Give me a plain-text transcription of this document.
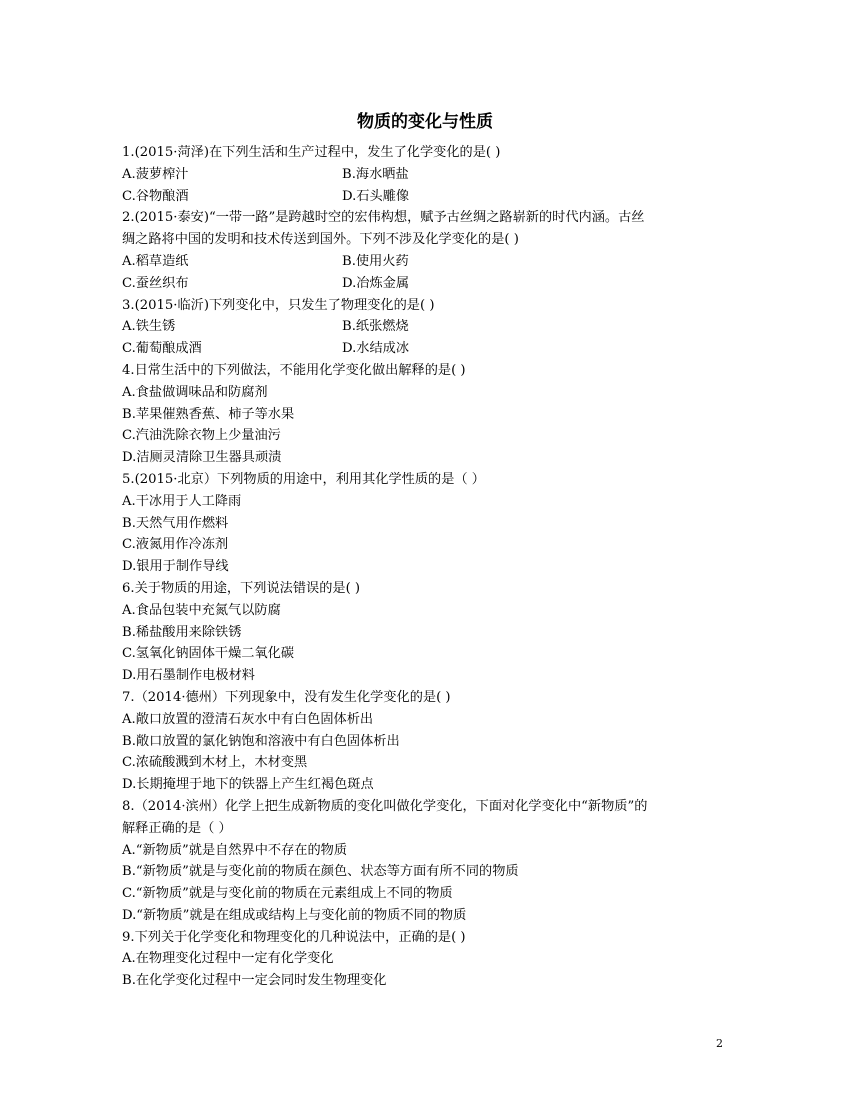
物质的变化与性质
1.(2015·菏泽)在下列生活和生产过程中，发生了化学变化的是( )
A.菠萝榨汁	B.海水晒盐
C.谷物酿酒	D.石头雕像
2.(2015·泰安)“一带一路”是跨越时空的宏伟构想，赋予古丝绸之路崭新的时代内涵。古丝
绸之路将中国的发明和技术传送到国外。下列不涉及化学变化的是( )
A.稻草造纸	B.使用火药
C.蚕丝织布	D.冶炼金属
3.(2015·临沂)下列变化中，只发生了物理变化的是( )
A.铁生锈	B.纸张燃烧
C.葡萄酿成酒	D.水结成冰
4.日常生活中的下列做法，不能用化学变化做出解释的是( )
A.食盐做调味品和防腐剂
B.苹果催熟香蕉、柿子等水果
C.汽油洗除衣物上少量油污
D.洁厕灵清除卫生器具顽渍
5.(2015·北京）下列物质的用途中，利用其化学性质的是（ ）
A.干冰用于人工降雨
B.天然气用作燃料
C.液氮用作冷冻剂
D.银用于制作导线
6.关于物质的用途，下列说法错误的是( )
A.食品包装中充氮气以防腐
B.稀盐酸用来除铁锈
C.氢氧化钠固体干燥二氧化碳
D.用石墨制作电极材料
7.（2014·德州）下列现象中，没有发生化学变化的是( )
A.敞口放置的澄清石灰水中有白色固体析出
B.敞口放置的氯化钠饱和溶液中有白色固体析出
C.浓硫酸溅到木材上，木材变黑
D.长期掩埋于地下的铁器上产生红褐色斑点
8.（2014·滨州）化学上把生成新物质的变化叫做化学变化，下面对化学变化中“新物质”的
解释正确的是（ ）
A.“新物质”就是自然界中不存在的物质
B.“新物质”就是与变化前的物质在颜色、状态等方面有所不同的物质
C.“新物质”就是与变化前的物质在元素组成上不同的物质
D.“新物质”就是在组成或结构上与变化前的物质不同的物质
9.下列关于化学变化和物理变化的几种说法中，正确的是( )
A.在物理变化过程中一定有化学变化
B.在化学变化过程中一定会同时发生物理变化
2
